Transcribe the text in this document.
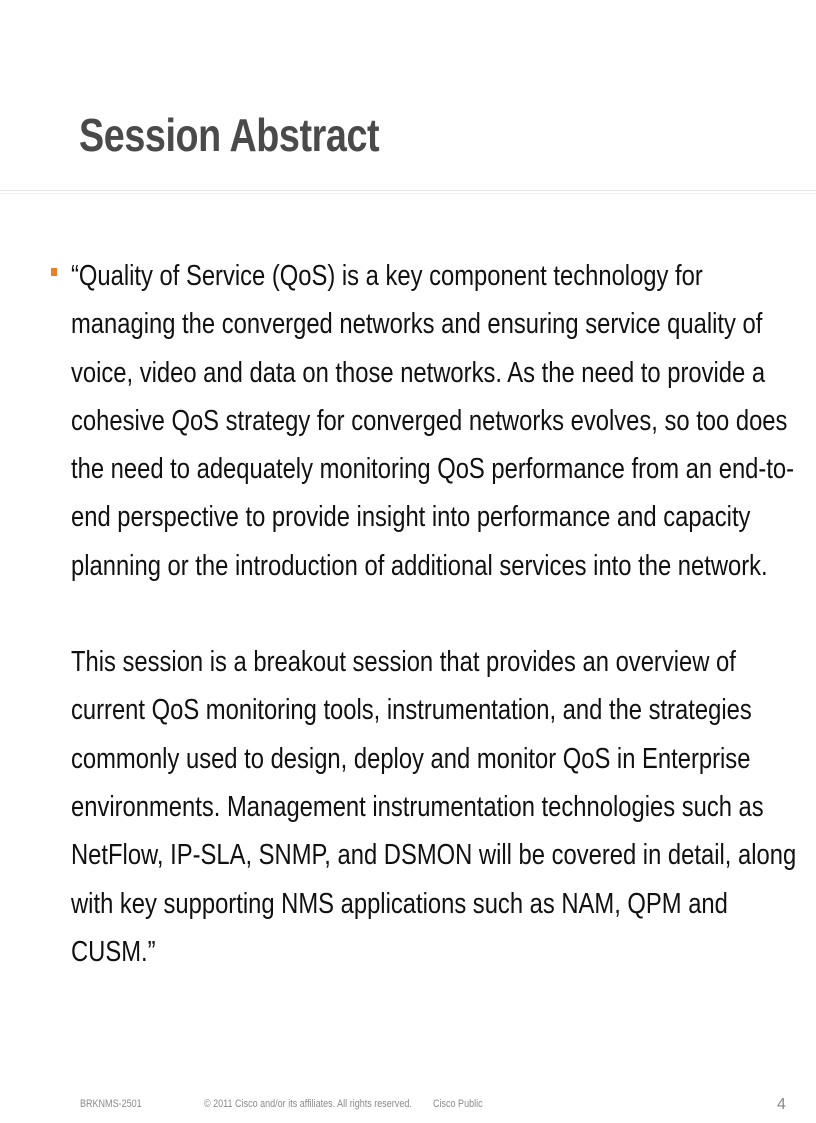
Session Abstract

“Quality of Service (QoS) is a key component technology for
managing the converged networks and ensuring service quality of
voice, video and data on those networks. As the need to provide a
cohesive QoS strategy for converged networks evolves, so too does
the need to adequately monitoring QoS performance from an end-to-
end perspective to provide insight into performance and capacity
planning or the introduction of additional services into the network.

This session is a breakout session that provides an overview of
current QoS monitoring tools, instrumentation, and the strategies
commonly used to design, deploy and monitor QoS in Enterprise
environments. Management instrumentation technologies such as
NetFlow, IP-SLA, SNMP, and DSMON will be covered in detail, along
with key supporting NMS applications such as NAM, QPM and
CUSM.”

BRKNMS-2501	© 2011 Cisco and/or its affiliates. All rights reserved. Cisco Public	4
